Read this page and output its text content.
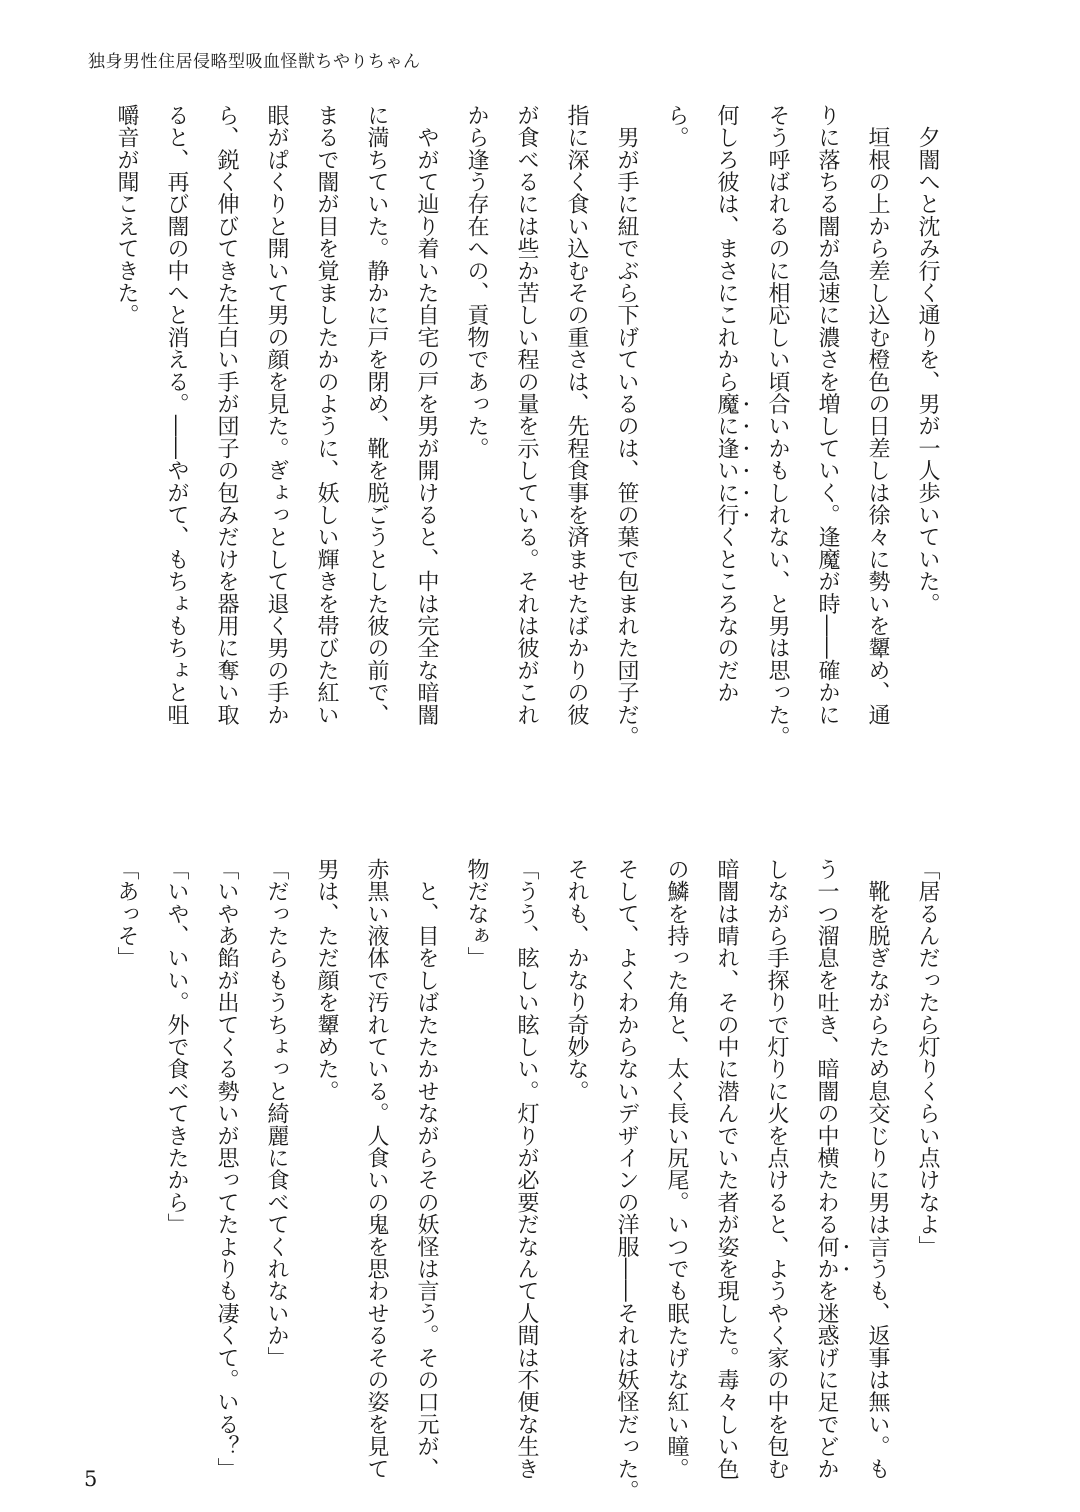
独身男性住居侵略型吸血怪獣ちやりちゃん
　夕闇へと沈み行く通りを、男が一人歩いていた。
　垣根の上から差し込む橙色の日差しは徐々に勢いを顰め、通
りに落ちる闇が急速に濃さを増していく。逢魔が時――確かに
そう呼ばれるのに相応しい頃合いかもしれない、と男は思った。
何しろ彼は、まさにこれから魔に逢いに行くところなのだか
ら。
　男が手に紐でぶら下げているのは、笹の葉で包まれた団子だ。
指に深く食い込むその重さは、先程食事を済ませたばかりの彼
が食べるには些か苦しい程の量を示している。それは彼がこれ
から逢う存在への、貢物であった。
　やがて辿り着いた自宅の戸を男が開けると、中は完全な暗闇
に満ちていた。静かに戸を閉め、靴を脱ごうとした彼の前で、
まるで闇が目を覚ましたかのように、妖しい輝きを帯びた紅い
眼がぱくりと開いて男の顔を見た。ぎょっとして退く男の手か
ら、鋭く伸びてきた生白い手が団子の包みだけを器用に奪い取
ると、再び闇の中へと消える。――やがて、もちょもちょと咀
嚼音が聞こえてきた。
「居るんだったら灯りくらい点けなよ」
　靴を脱ぎながらため息交じりに男は言うも、返事は無い。も
う一つ溜息を吐き、暗闇の中横たわる何かを迷惑げに足でどか
しながら手探りで灯りに火を点けると、ようやく家の中を包む
暗闇は晴れ、その中に潜んでいた者が姿を現した。毒々しい色
の鱗を持った角と、太く長い尻尾。いつでも眠たげな紅い瞳。
そして、よくわからないデザインの洋服――それは妖怪だった。
それも、かなり奇妙な。
「うう、眩しい眩しい。灯りが必要だなんて人間は不便な生き
物だなぁ」
　と、目をしばたたかせながらその妖怪は言う。その口元が、
赤黒い液体で汚れている。人食いの鬼を思わせるその姿を見て
男は、ただ顔を顰めた。
「だったらもうちょっと綺麗に食べてくれないか」
「いやあ餡が出てくる勢いが思ってたよりも凄くて。いる？」
「いや、いい。外で食べてきたから」
「あっそ」
5
